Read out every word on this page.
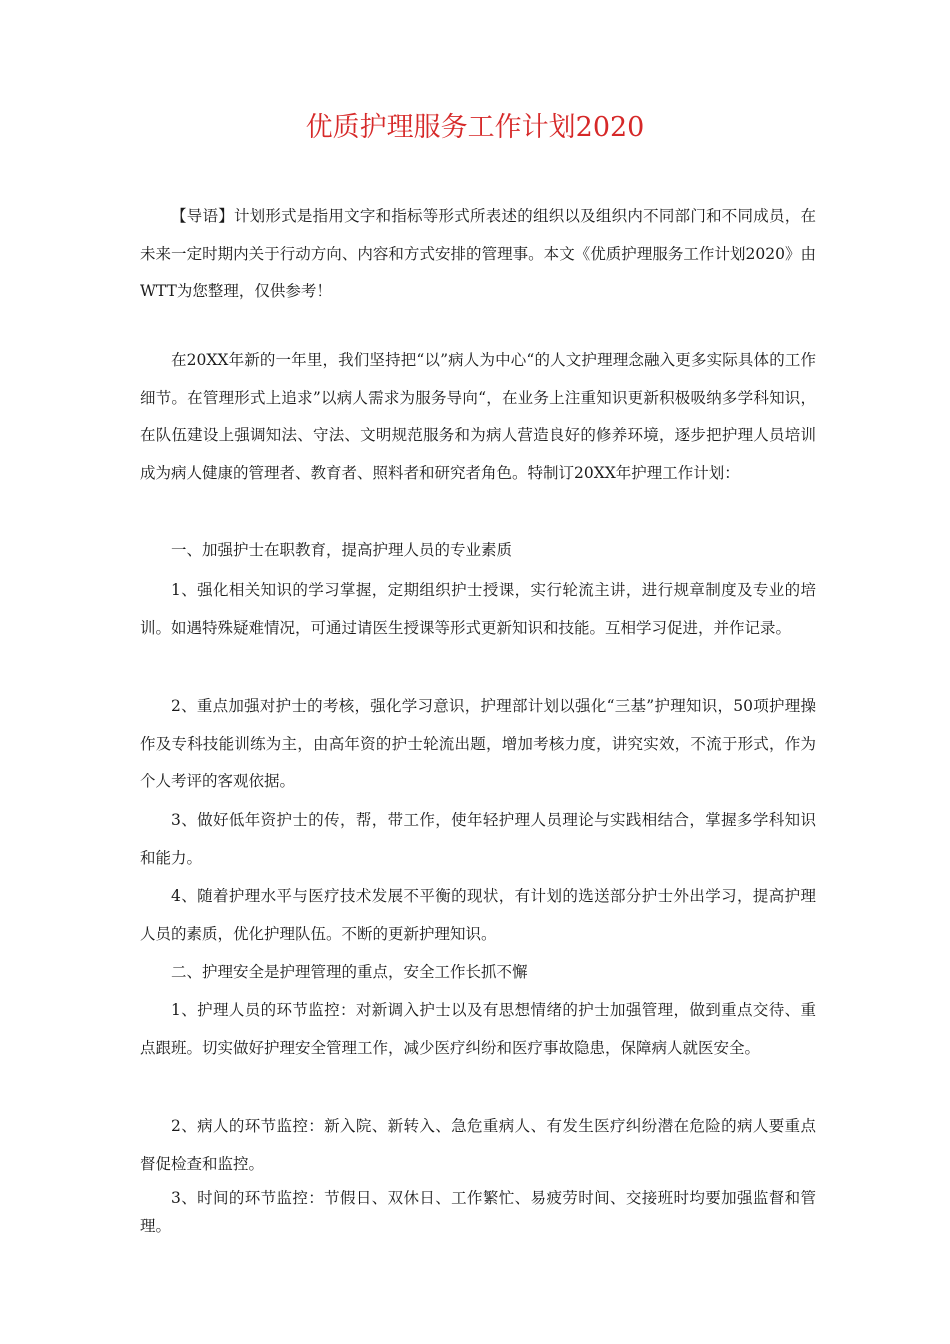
优质护理服务工作计划2020

【导语】计划形式是指用文字和指标等形式所表述的组织以及组织内不同部门和不同成员，在未来一定时期内关于行动方向、内容和方式安排的管理事。本文《优质护理服务工作计划2020》由WTT为您整理，仅供参考！

在20XX年新的一年里，我们坚持把“以”病人为中心“的人文护理理念融入更多实际具体的工作细节。在管理形式上追求”以病人需求为服务导向“，在业务上注重知识更新积极吸纳多学科知识，在队伍建设上强调知法、守法、文明规范服务和为病人营造良好的修养环境，逐步把护理人员培训成为病人健康的管理者、教育者、照料者和研究者角色。特制订20XX年护理工作计划：

一、加强护士在职教育，提高护理人员的专业素质

1、强化相关知识的学习掌握，定期组织护士授课，实行轮流主讲，进行规章制度及专业的培训。如遇特殊疑难情况，可通过请医生授课等形式更新知识和技能。互相学习促进，并作记录。

2、重点加强对护士的考核，强化学习意识，护理部计划以强化“三基”护理知识，50项护理操作及专科技能训练为主，由高年资的护士轮流出题，增加考核力度，讲究实效，不流于形式，作为个人考评的客观依据。

3、做好低年资护士的传，帮，带工作，使年轻护理人员理论与实践相结合，掌握多学科知识和能力。

4、随着护理水平与医疗技术发展不平衡的现状，有计划的选送部分护士外出学习，提高护理人员的素质，优化护理队伍。不断的更新护理知识。

二、护理安全是护理管理的重点，安全工作长抓不懈

1、护理人员的环节监控：对新调入护士以及有思想情绪的护士加强管理，做到重点交待、重点跟班。切实做好护理安全管理工作，减少医疗纠纷和医疗事故隐患，保障病人就医安全。

2、病人的环节监控：新入院、新转入、急危重病人、有发生医疗纠纷潜在危险的病人要重点督促检查和监控。

3、时间的环节监控：节假日、双休日、工作繁忙、易疲劳时间、交接班时均要加强监督和管理。
